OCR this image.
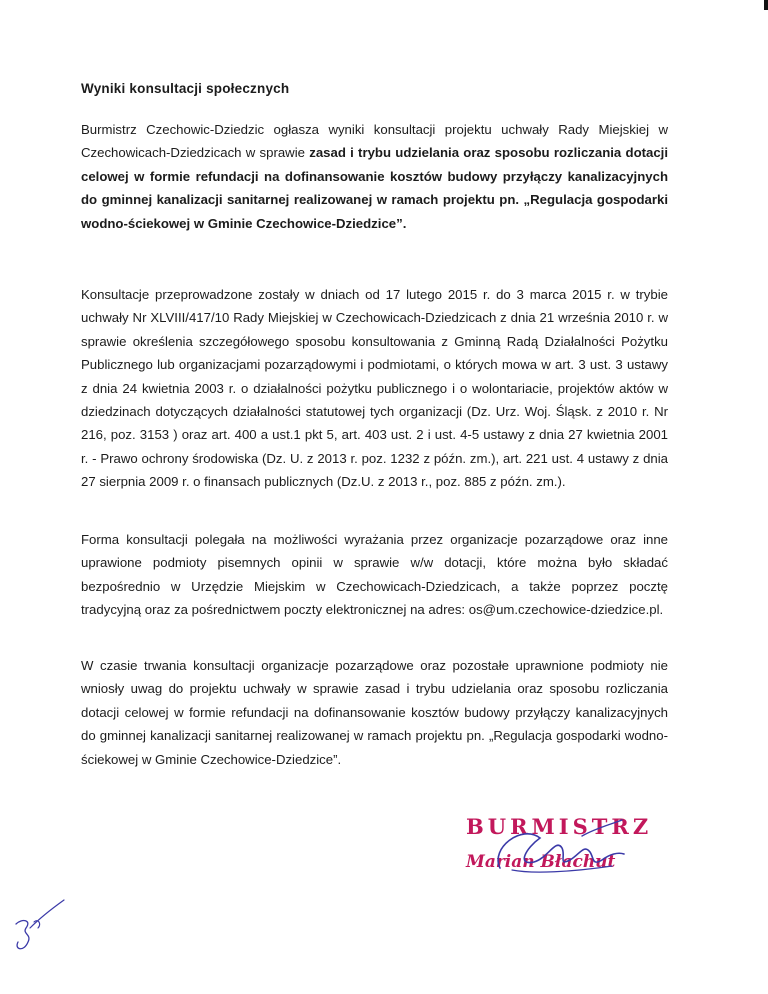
Wyniki konsultacji społecznych
Burmistrz Czechowic-Dziedzic ogłasza wyniki konsultacji projektu uchwały Rady Miejskiej w Czechowicach-Dziedzicach w sprawie zasad i trybu udzielania oraz sposobu rozliczania dotacji celowej w formie refundacji na dofinansowanie kosztów budowy przyłączy kanalizacyjnych do gminnej kanalizacji sanitarnej realizowanej w ramach projektu pn. „Regulacja gospodarki wodno-ściekowej w Gminie Czechowice-Dziedzice”.
Konsultacje przeprowadzone zostały w dniach od 17 lutego 2015 r. do 3 marca 2015 r. w trybie uchwały Nr XLVIII/417/10 Rady Miejskiej w Czechowicach-Dziedzicach z dnia 21 września 2010 r. w sprawie określenia szczegółowego sposobu konsultowania z Gminną Radą Działalności Pożytku Publicznego lub organizacjami pozarządowymi i podmiotami, o których mowa w art. 3 ust. 3 ustawy z dnia 24 kwietnia 2003 r. o działalności pożytku publicznego i o wolontariacie, projektów aktów w dziedzinach dotyczących działalności statutowej tych organizacji (Dz. Urz. Woj. Śląsk. z 2010 r. Nr 216, poz. 3153 ) oraz art. 400 a ust.1 pkt 5, art. 403 ust. 2 i ust. 4-5 ustawy z dnia 27 kwietnia 2001 r. - Prawo ochrony środowiska (Dz. U. z 2013 r. poz. 1232 z późn. zm.), art. 221 ust. 4 ustawy z dnia 27 sierpnia 2009 r. o finansach publicznych (Dz.U. z 2013 r., poz. 885 z późn. zm.).
Forma konsultacji polegała na możliwości wyrażania przez organizacje pozarządowe oraz inne uprawione podmioty pisemnych opinii w sprawie w/w dotacji, które można było składać bezpośrednio w Urzędzie Miejskim w Czechowicach-Dziedzicach, a także poprzez pocztę tradycyjną oraz za pośrednictwem poczty elektronicznej na adres: os@um.czechowice-dziedzice.pl.
W czasie trwania konsultacji organizacje pozarządowe oraz pozostałe uprawnione podmioty nie wniosły uwag do projektu uchwały w sprawie zasad i trybu udzielania oraz sposobu rozliczania dotacji celowej w formie refundacji na dofinansowanie kosztów budowy przyłączy kanalizacyjnych do gminnej kanalizacji sanitarnej realizowanej w ramach projektu pn. „Regulacja gospodarki wodno-ściekowej w Gminie Czechowice-Dziedzice”.
BURMISTRZ
Marian Błachut
